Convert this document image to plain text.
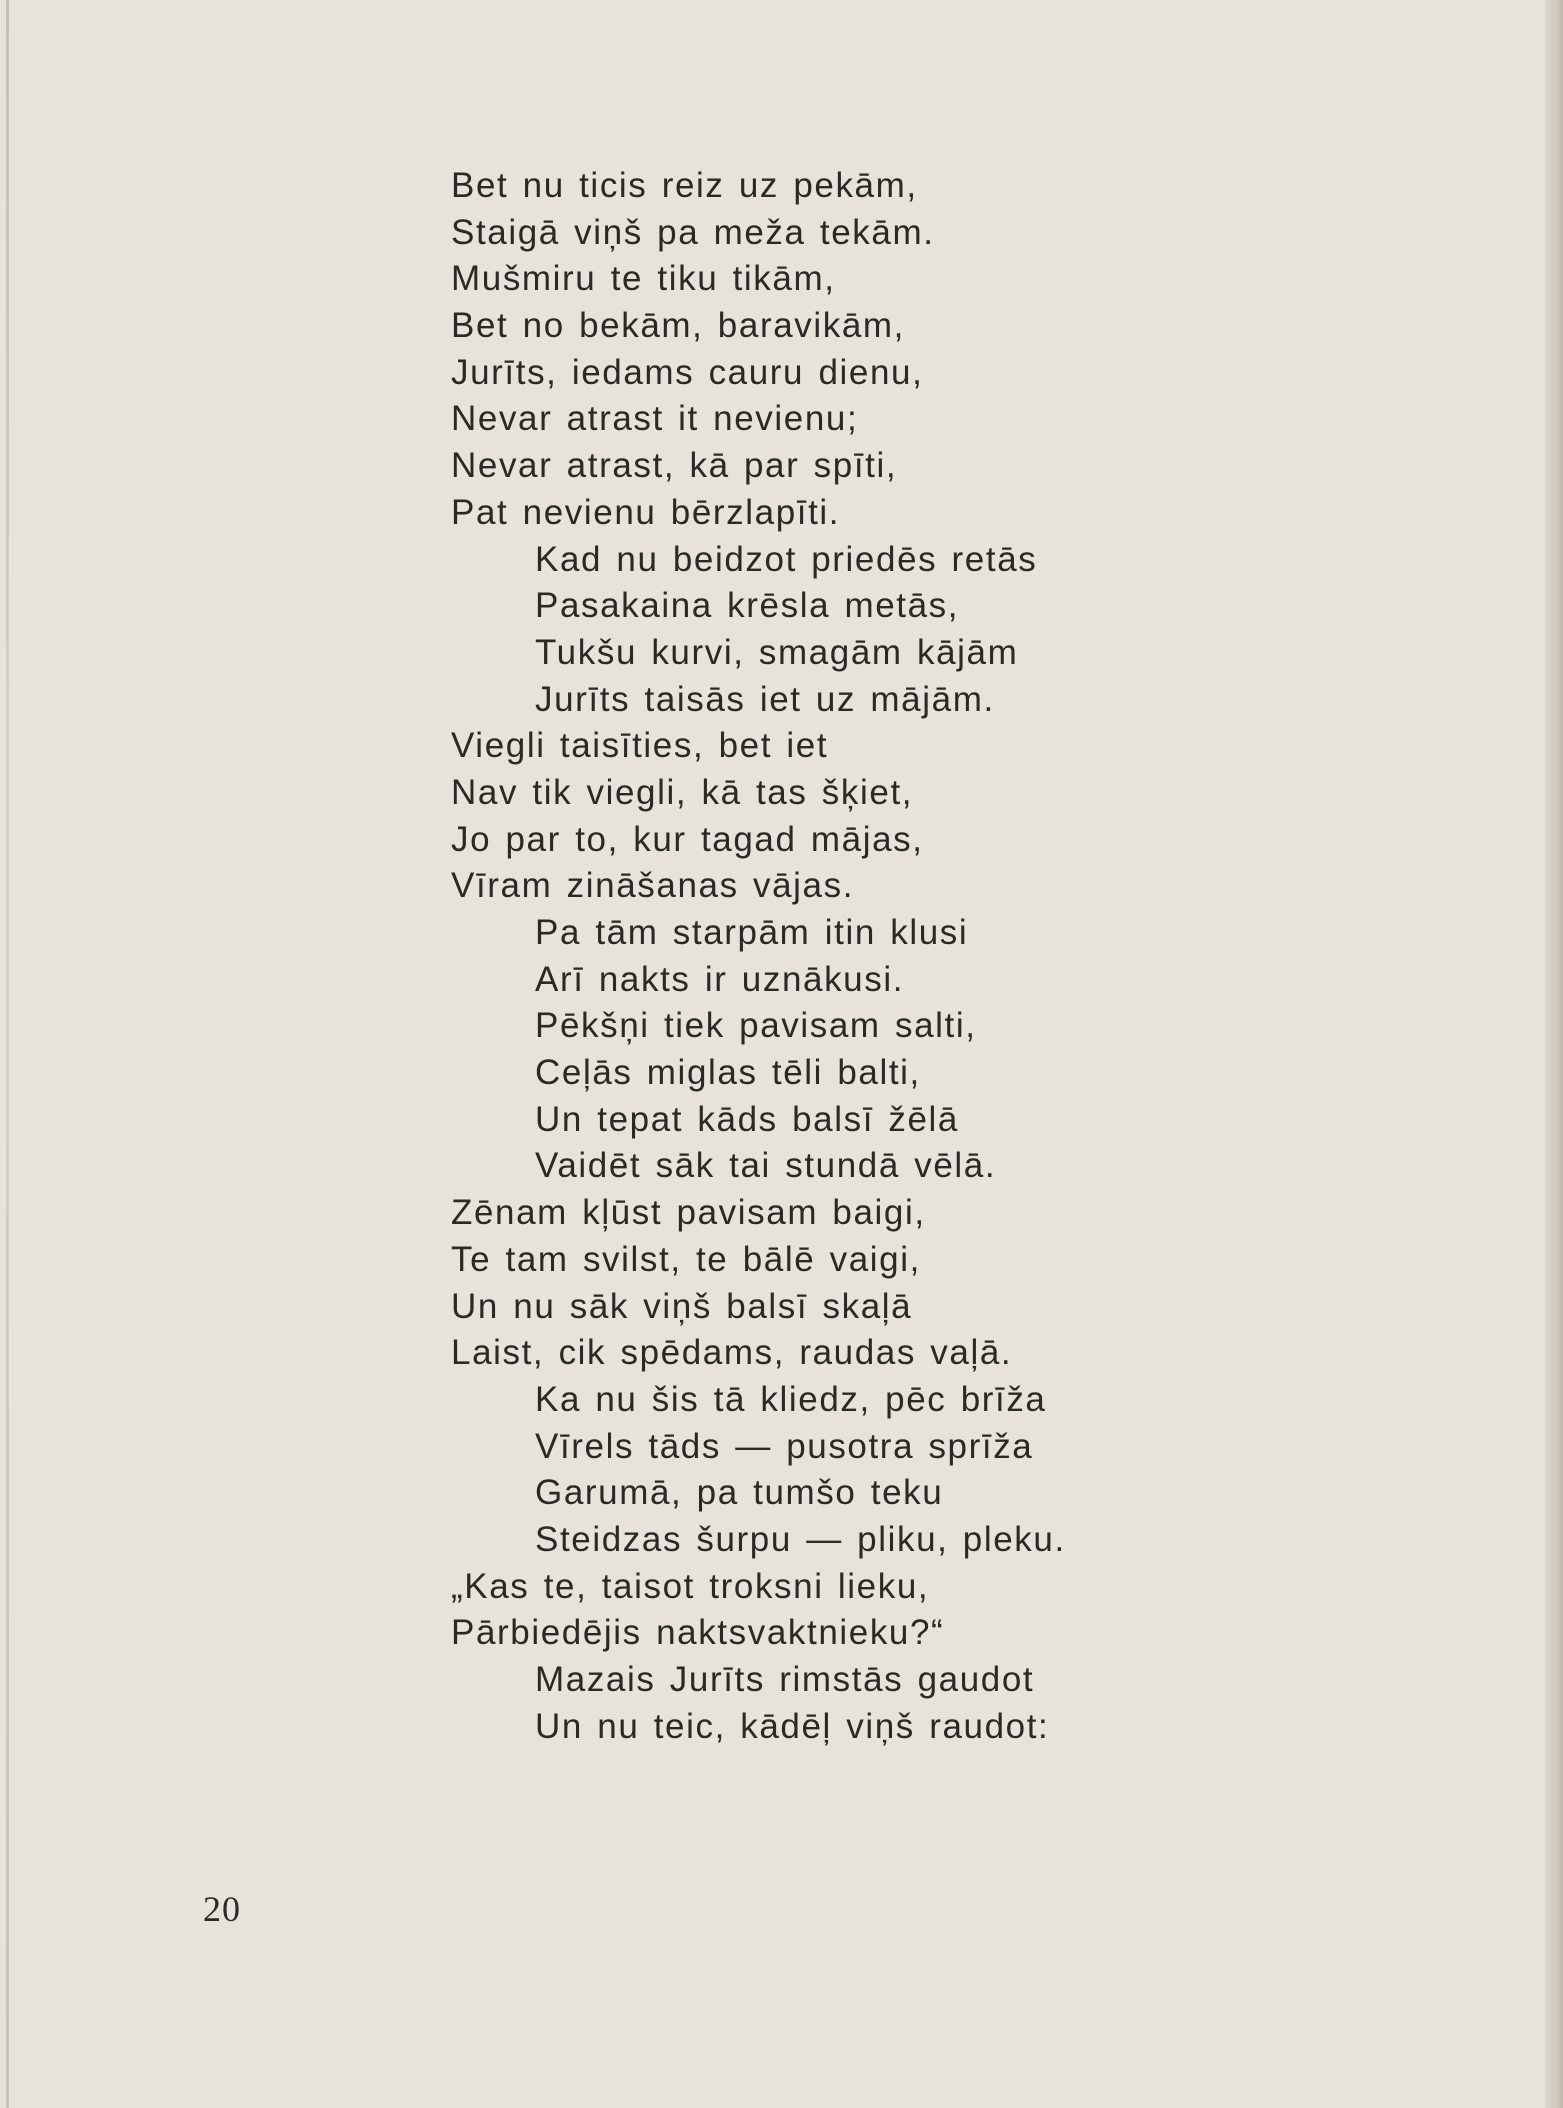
Bet nu ticis reiz uz pekām,
Staigā viņš pa meža tekām.
Mušmiru te tiku tikām,
Bet no bekām, baravikām,
Jurīts, iedams cauru dienu,
Nevar atrast it nevienu;
Nevar atrast, kā par spīti,
Pat nevienu bērzlapīti.
Kad nu beidzot priedēs retās
Pasakaina krēsla metās,
Tukšu kurvi, smagām kājām
Jurīts taisās iet uz mājām.
Viegli taisīties, bet iet
Nav tik viegli, kā tas šķiet,
Jo par to, kur tagad mājas,
Vīram zināšanas vājas.
Pa tām starpām itin klusi
Arī nakts ir uznākusi.
Pēkšņi tiek pavisam salti,
Ceļās miglas tēli balti,
Un tepat kāds balsī žēlā
Vaidēt sāk tai stundā vēlā.
Zēnam kļūst pavisam baigi,
Te tam svilst, te bālē vaigi,
Un nu sāk viņš balsī skaļā
Laist, cik spēdams, raudas vaļā.
Ka nu šis tā kliedz, pēc brīža
Vīrels tāds — pusotra sprīža
Garumā, pa tumšo teku
Steidzas šurpu — pliku, pleku.
„Kas te, taisot troksni lieku,
Pārbiedējis naktsvaktnieku?“
Mazais Jurīts rimstās gaudot
Un nu teic, kādēļ viņš raudot:
20
